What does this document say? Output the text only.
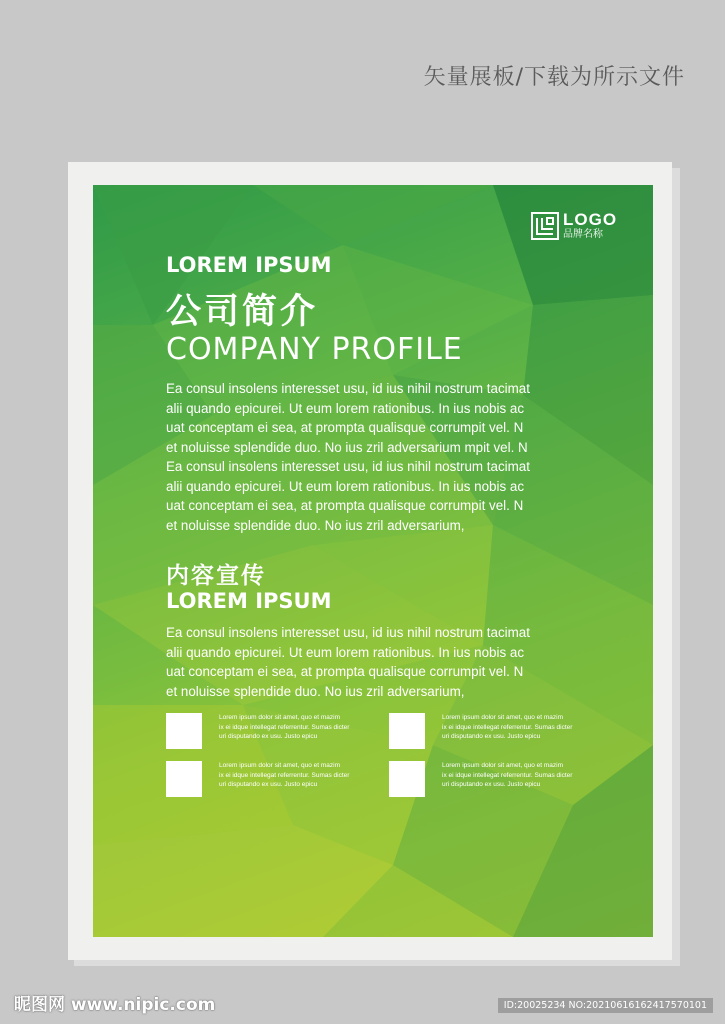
矢量展板/下载为所示文件
LOGO
品牌名称
LOREM IPSUM
公司简介
COMPANY PROFILE
Ea consul insolens interesset usu, id ius nihil nostrum tacimat
alii quando epicurei. Ut eum lorem rationibus. In ius nobis ac
uat conceptam ei sea, at prompta qualisque corrumpit vel. N
et noluisse splendide duo. No ius zril adversarium mpit vel. N
Ea consul insolens interesset usu, id ius nihil nostrum tacimat
alii quando epicurei. Ut eum lorem rationibus. In ius nobis ac
uat conceptam ei sea, at prompta qualisque corrumpit vel. N
et noluisse splendide duo. No ius zril adversarium,
内容宣传
LOREM IPSUM
Ea consul insolens interesset usu, id ius nihil nostrum tacimat
alii quando epicurei. Ut eum lorem rationibus. In ius nobis ac
uat conceptam ei sea, at prompta qualisque corrumpit vel. N
et noluisse splendide duo. No ius zril adversarium,
Lorem ipsum dolor sit amet, quo et mazim
ix ei idque intellegat referrentur. Sumas dicter
uri disputando ex usu. Justo epicu
Lorem ipsum dolor sit amet, quo et mazim
ix ei idque intellegat referrentur. Sumas dicter
uri disputando ex usu. Justo epicu
Lorem ipsum dolor sit amet, quo et mazim
ix ei idque intellegat referrentur. Sumas dicter
uri disputando ex usu. Justo epicu
Lorem ipsum dolor sit amet, quo et mazim
ix ei idque intellegat referrentur. Sumas dicter
uri disputando ex usu. Justo epicu
昵图网 www.nipic.com	ID:20025234 NO:20210616162417570101
